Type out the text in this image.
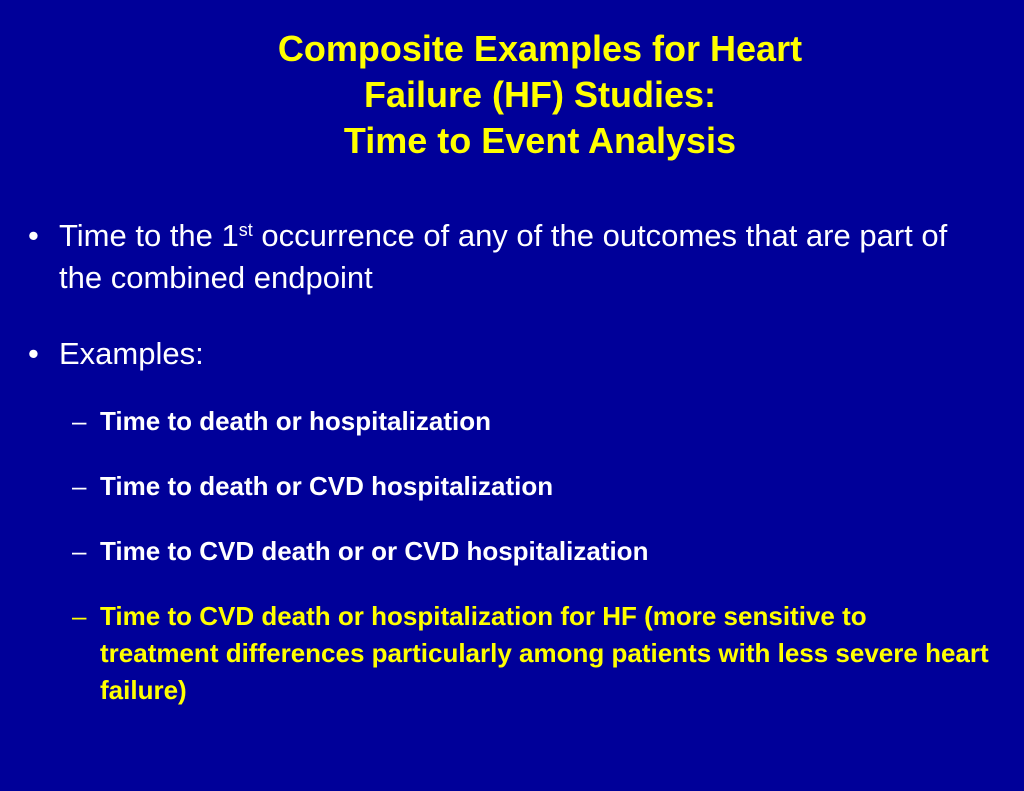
Composite Examples for Heart
Failure (HF) Studies:
Time to Event Analysis
• Time to the 1st occurrence of any of the outcomes that are part of the combined endpoint
• Examples:
– Time to death or hospitalization
– Time to death or CVD hospitalization
– Time to CVD death or or CVD hospitalization
– Time to CVD death or hospitalization for HF (more sensitive to treatment differences particularly among patients with less severe heart failure)
